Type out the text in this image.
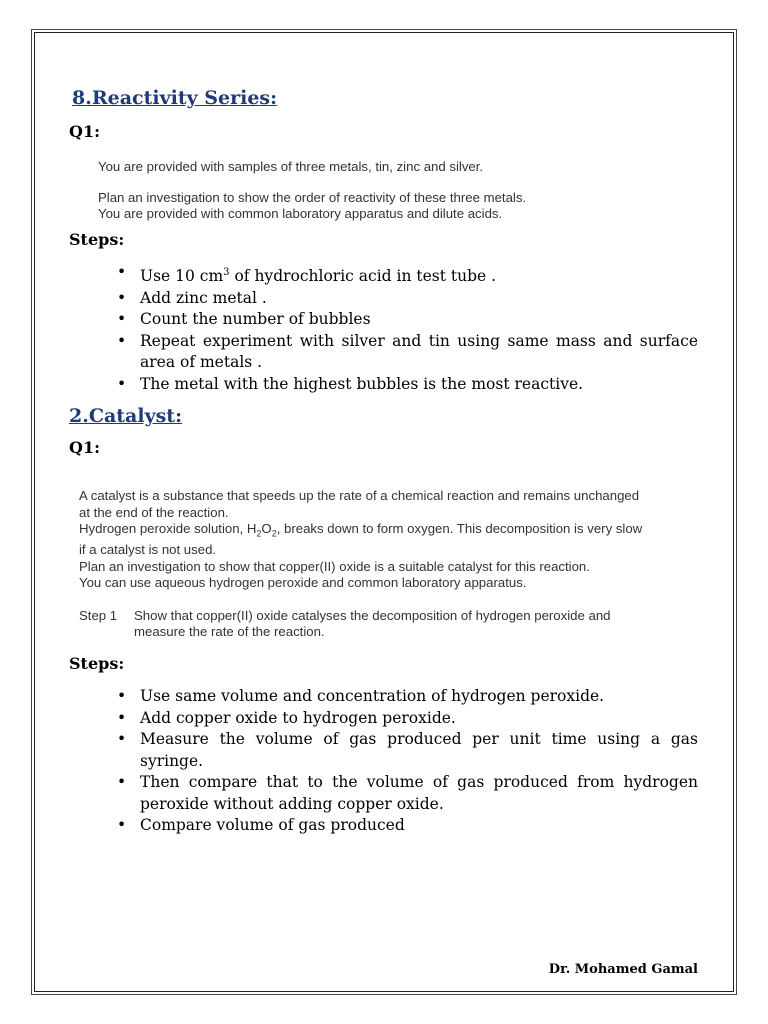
8.Reactivity Series:
Q1:
You are provided with samples of three metals, tin, zinc and silver.
Plan an investigation to show the order of reactivity of these three metals.
You are provided with common laboratory apparatus and dilute acids.
Steps:
• Use 10 $cm^3$ of hydrochloric acid in test tube .
• Add zinc metal .
• Count the number of bubbles
• Repeat experiment with silver and tin using same mass and surface area of metals .
• The metal with the highest bubbles is the most reactive.
2.Catalyst:
Q1:
A catalyst is a substance that speeds up the rate of a chemical reaction and remains unchanged
at the end of the reaction.
Hydrogen peroxide solution, $H_2O_2$, breaks down to form oxygen. This decomposition is very slow
if a catalyst is not used.
Plan an investigation to show that copper(II) oxide is a suitable catalyst for this reaction.
You can use aqueous hydrogen peroxide and common laboratory apparatus.
Step 1	Show that copper(II) oxide catalyses the decomposition of hydrogen peroxide and
measure the rate of the reaction.
Steps:
• Use same volume and concentration of hydrogen peroxide.
• Add copper oxide to hydrogen peroxide.
• Measure the volume of gas produced per unit time using a gas syringe.
• Then compare that to the volume of gas produced from hydrogen peroxide without adding copper oxide.
• Compare volume of gas produced
Dr. Mohamed Gamal
